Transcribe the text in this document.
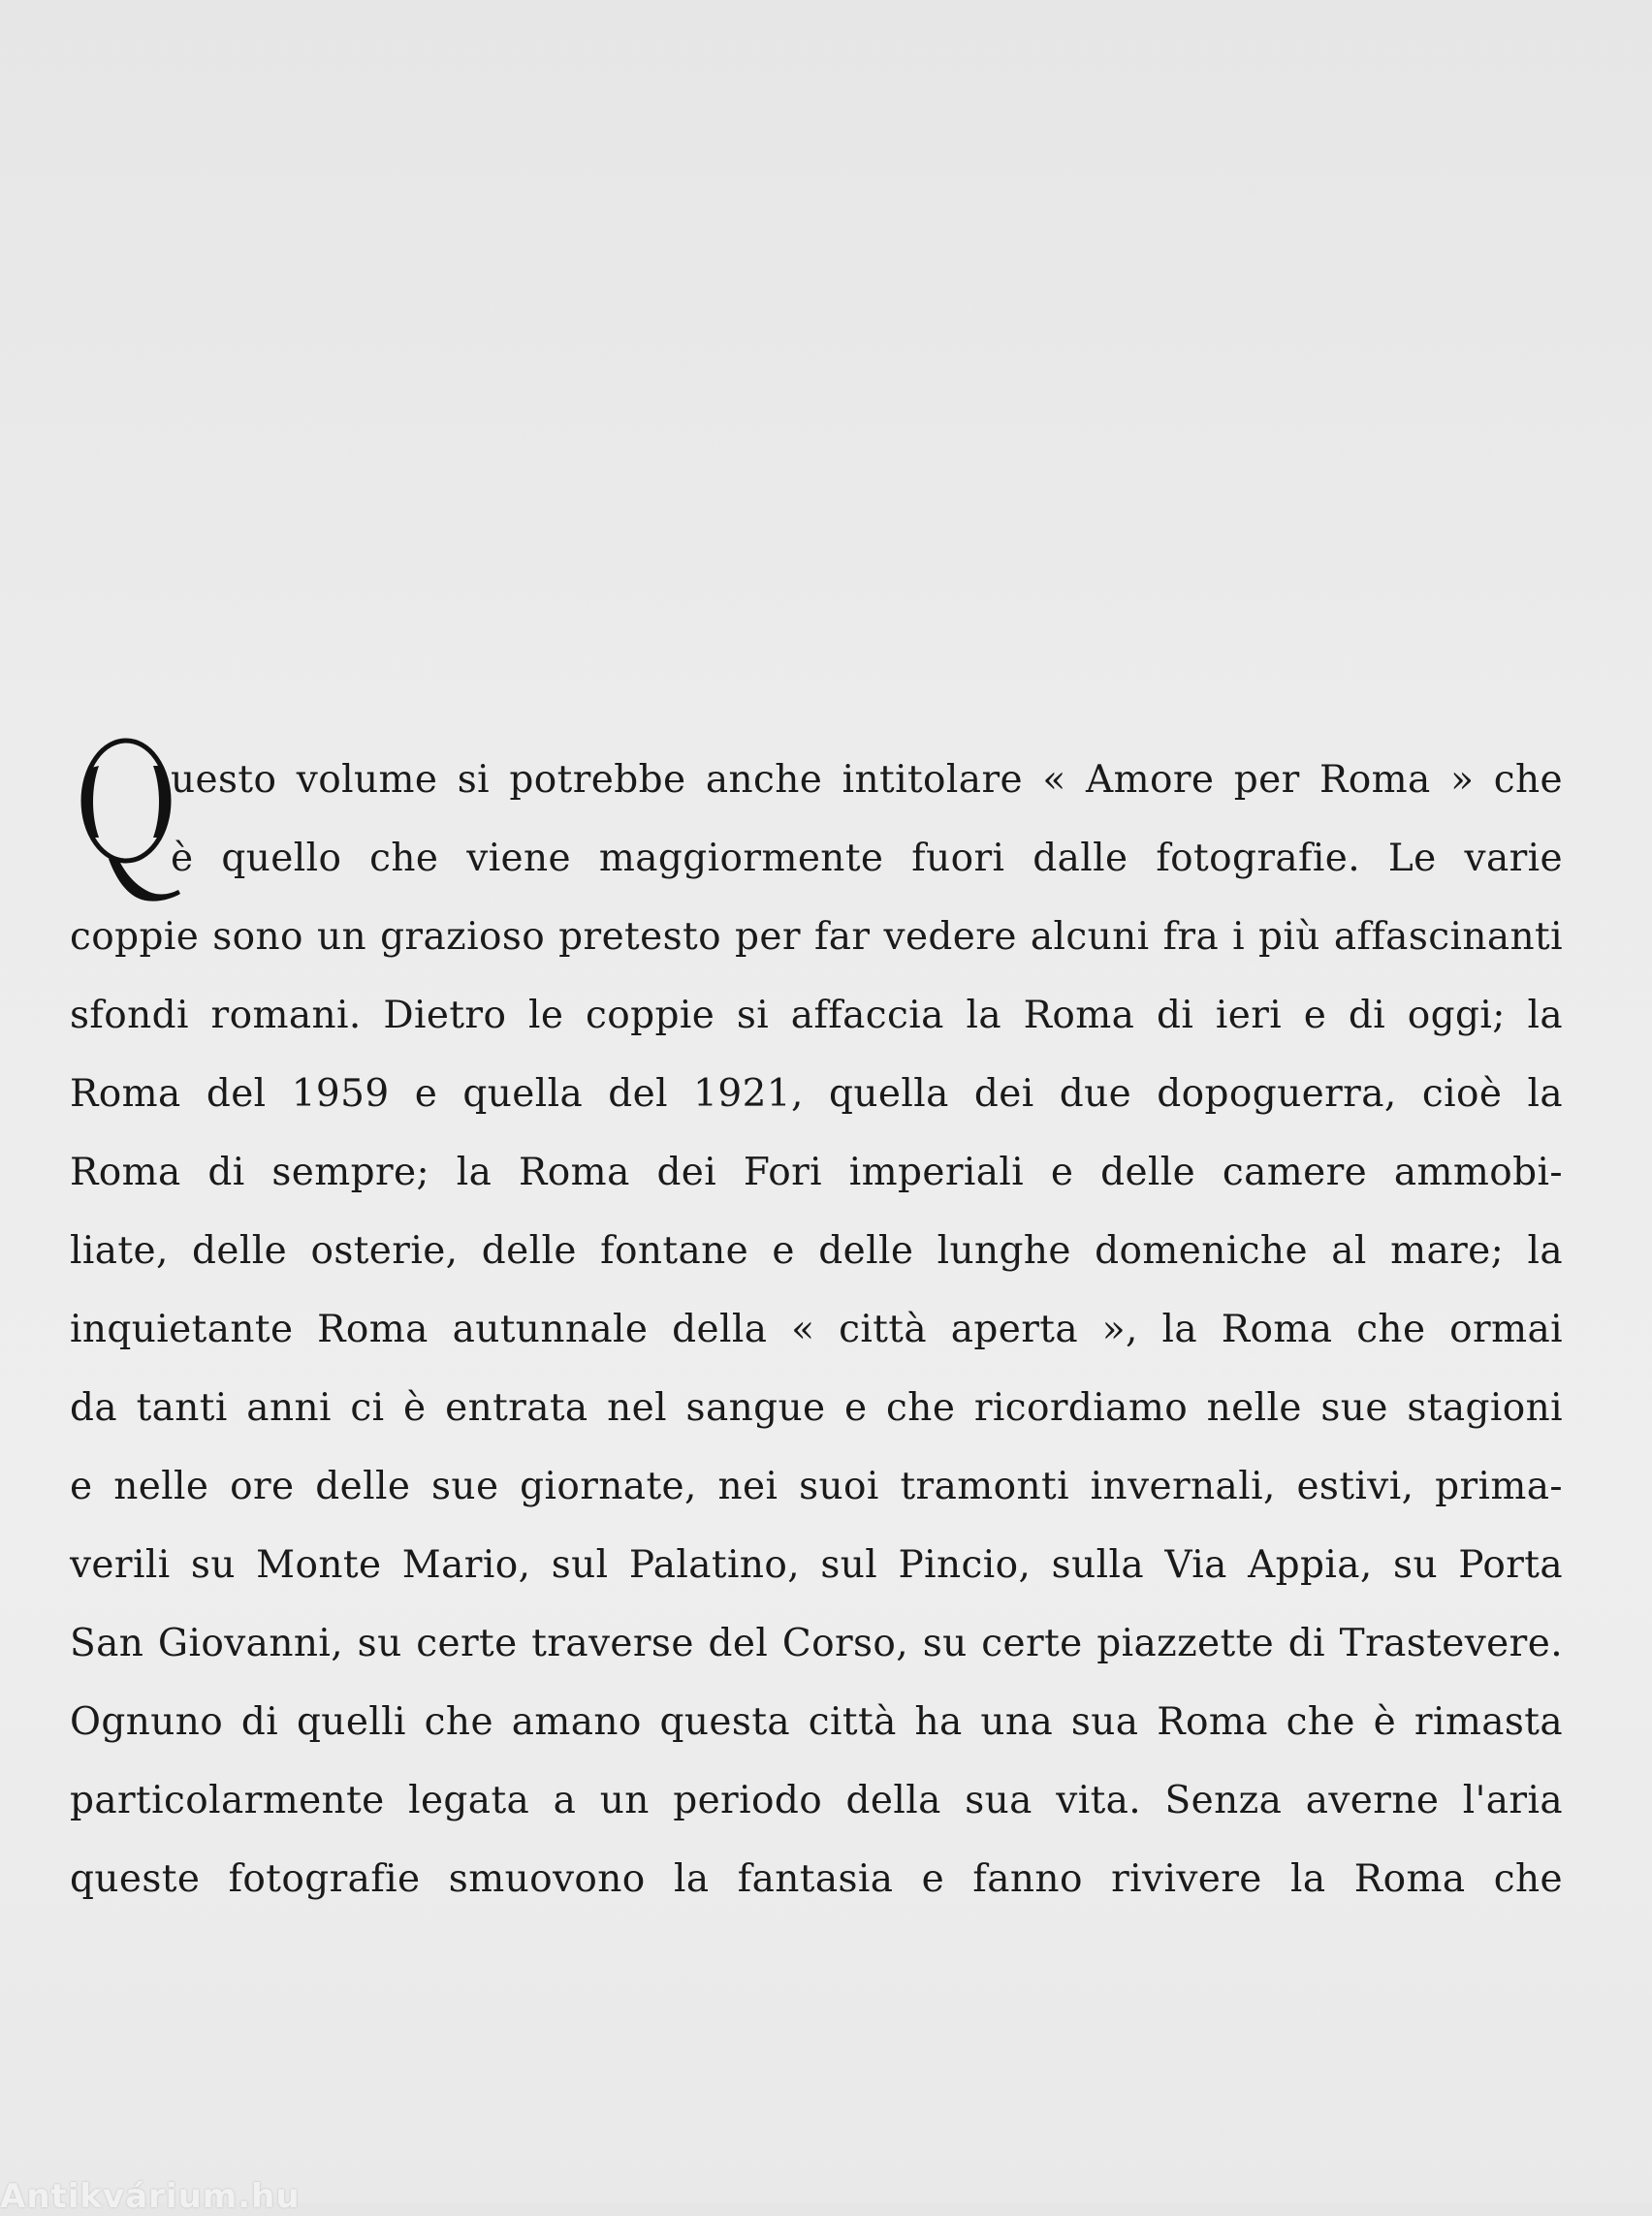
uesto volume si potrebbe anche intitolare « Amore per Roma » che
è quello che viene maggiormente fuori dalle fotografie. Le varie
coppie sono un grazioso pretesto per far vedere alcuni fra i più affascinanti
sfondi romani. Dietro le coppie si affaccia la Roma di ieri e di oggi; la
Roma del 1959 e quella del 1921, quella dei due dopoguerra, cioè la
Roma di sempre; la Roma dei Fori imperiali e delle camere ammobi-
liate, delle osterie, delle fontane e delle lunghe domeniche al mare; la
inquietante Roma autunnale della « città aperta », la Roma che ormai
da tanti anni ci è entrata nel sangue e che ricordiamo nelle sue stagioni
e nelle ore delle sue giornate, nei suoi tramonti invernali, estivi, prima-
verili su Monte Mario, sul Palatino, sul Pincio, sulla Via Appia, su Porta
San Giovanni, su certe traverse del Corso, su certe piazzette di Trastevere.
Ognuno di quelli che amano questa città ha una sua Roma che è rimasta
particolarmente legata a un periodo della sua vita. Senza averne l'aria
queste fotografie smuovono la fantasia e fanno rivivere la Roma che
Antikvárium.hu
